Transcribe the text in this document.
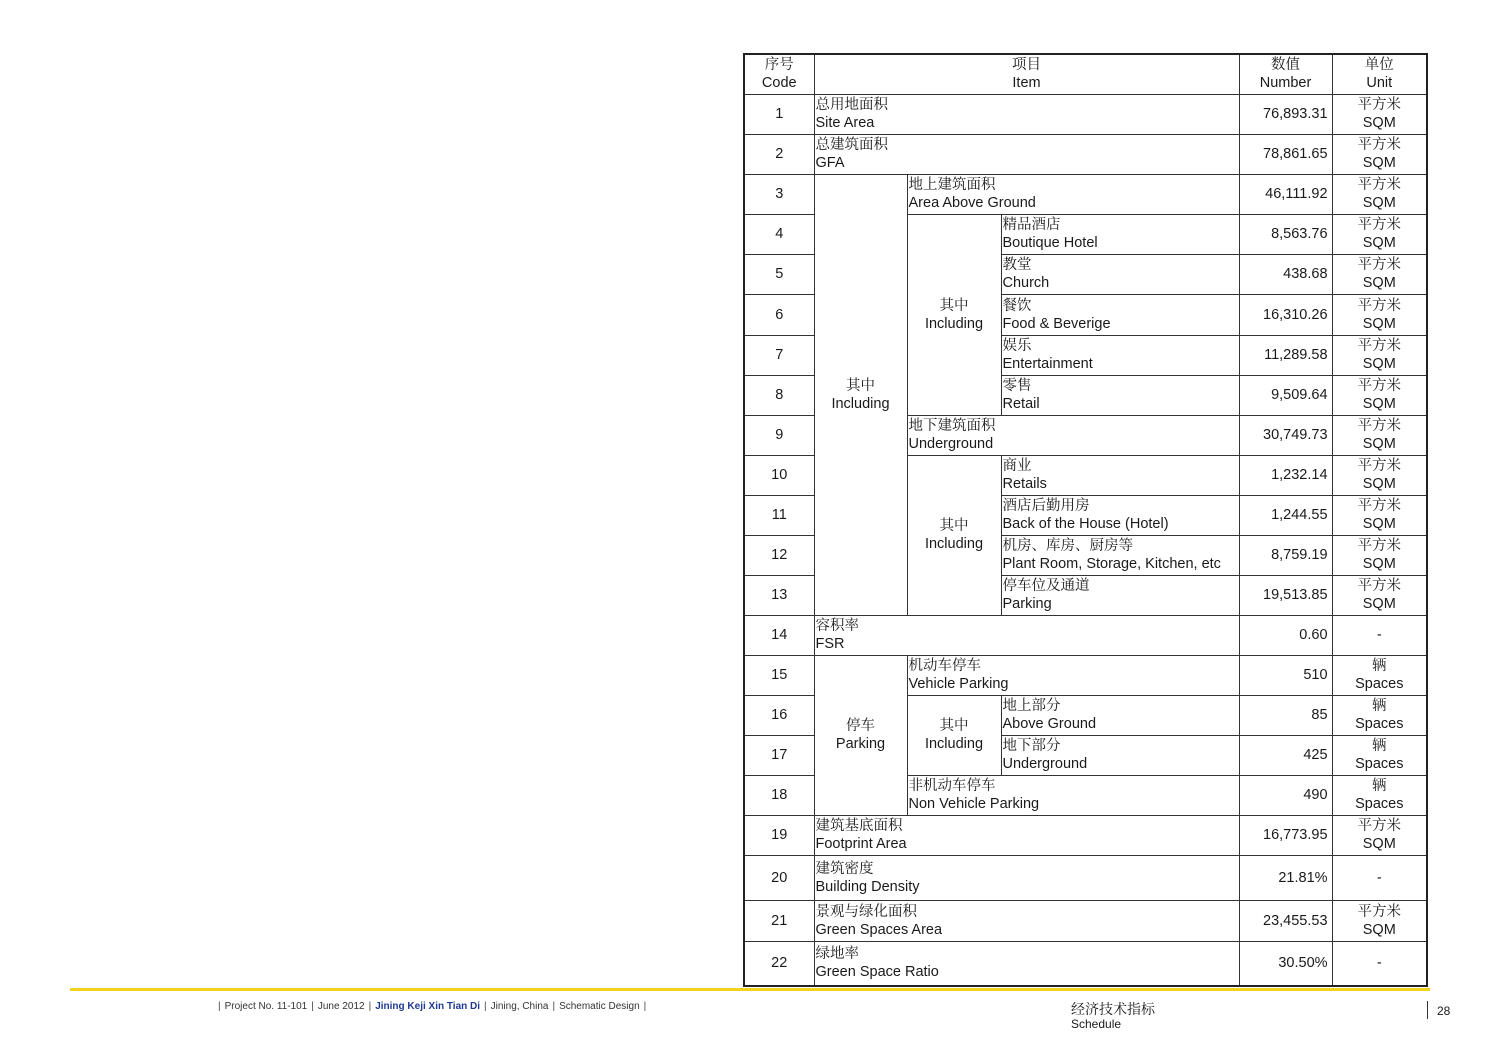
序号
Code	项目
Item			数值
Number	单位
Unit

1	总用地面积
Site Area			76,893.31	平方米
SQM

2	总建筑面积
GFA			78,861.65	平方米
SQM

3	其中
Including	地上建筑面积
Area Above Ground		46,111.92	平方米
SQM

4		其中
Including	精品酒店
Boutique Hotel	8,563.76	平方米
SQM

5			教堂
Church	438.68	平方米
SQM

6			餐饮
Food & Beverige	16,310.26	平方米
SQM

7			娱乐
Entertainment	11,289.58	平方米
SQM

8			零售
Retail	9,509.64	平方米
SQM

9		地下建筑面积
Underground		30,749.73	平方米
SQM

10		其中
Including	商业
Retails	1,232.14	平方米
SQM

11			酒店后勤用房
Back of the House (Hotel)	1,244.55	平方米
SQM

12			机房、库房、厨房等
Plant Room, Storage, Kitchen, etc	8,759.19	平方米
SQM

13			停车位及通道
Parking	19,513.85	平方米
SQM

14	容积率
FSR			0.60	-
15	停车
Parking	机动车停车
Vehicle Parking		510	辆
Spaces

16		其中
Including	地上部分
Above Ground	85	辆
Spaces

17			地下部分
Underground	425	辆
Spaces

18		非机动车停车
Non Vehicle Parking		490	辆
Spaces

19	建筑基底面积
Footprint Area			16,773.95	平方米
SQM

20	建筑密度
Building Density			21.81%	-
21	景观与绿化面积
Green Spaces Area			23,455.53	平方米
SQM

22	绿地率
Green Space Ratio			30.50%	-
| Project No. 11-101 | June 2012 | Jining Keji Xin Tian Di | Jining, China | Schematic Design |	经济技术指标
Schedule
28
